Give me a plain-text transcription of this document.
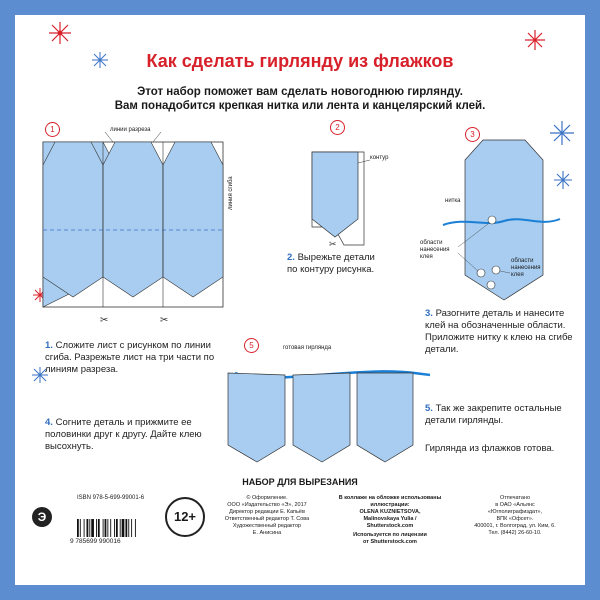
✂	✂
✂
Как сделать гирлянду из флажков
Этот набор поможет вам сделать новогоднюю гирлянду.
Вам понадобится крепкая нитка или лента и канцелярский клей.
1	2
3
5
линии разреза
линия сгиба
контур
нитка
области
нанесения
клея
области
нанесения
клея
готовая гирлянда
2. Вырежьте детали по контуру рисунка.
1. Сложите лист с рисунком по линии сгиба. Разрежьте лист на три части по линиям разреза.
3. Разогните деталь и нанесите клей на обозначенные области. Приложите нитку к клею на сгибе детали.
4. Согните деталь и прижмите ее половинки друг к другу. Дайте клею высохнуть.
5. Так же закрепите остальные детали гирлянды.
Гирлянда из флажков готова.
НАБОР ДЛЯ ВЫРЕЗАНИЯ
Э
ISBN 978-5-699-99001-6
9 785699 990016
12+
© Оформление.
ООО «Издательство «Э», 2017
Директор редакции Е. Капьёв
Ответственный редактор Т. Сова
Художественный редактор
Е. Анисина
В коллаже на обложке использованы иллюстрации:
OLENA KUZNIETSOVA,
Malinovskaya Yulia /
Shutterstock.com
Используется по лицензии
от Shutterstock.com
Отпечатано
в ОАО «Альянс
«Югполиграфиздат»,
ВПК «Офсет».
400001, г. Волгоград, ул. Ким, 6.
Тел. (8442) 26-60-10.
